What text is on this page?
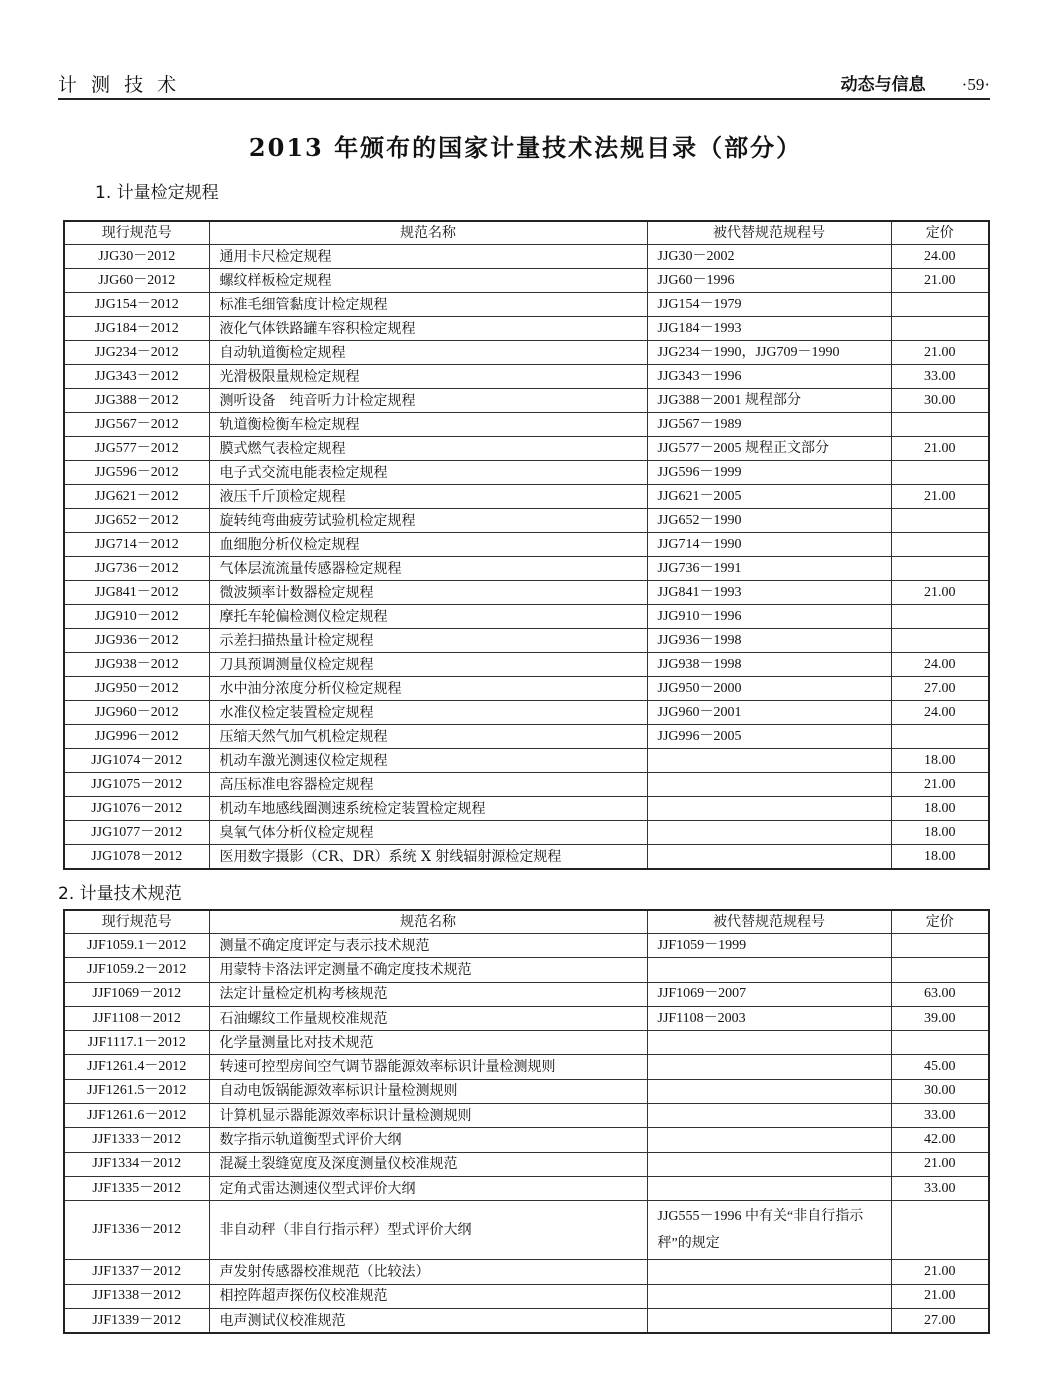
计 测 技 术	动态与信息 ·59·
2013 年颁布的国家计量技术法规目录（部分）
1. 计量检定规程
现行规范号	规范名称	被代替规范规程号	定价
JJG30－2012	通用卡尺检定规程	JJG30－2002	24.00
JJG60－2012	螺纹样板检定规程	JJG60－1996	21.00
JJG154－2012	标准毛细管黏度计检定规程	JJG154－1979	
JJG184－2012	液化气体铁路罐车容积检定规程	JJG184－1993	
JJG234－2012	自动轨道衡检定规程	JJG234－1990，JJG709－1990	21.00
JJG343－2012	光滑极限量规检定规程	JJG343－1996	33.00
JJG388－2012	测听设备　纯音听力计检定规程	JJG388－2001 规程部分	30.00
JJG567－2012	轨道衡检衡车检定规程	JJG567－1989	
JJG577－2012	膜式燃气表检定规程	JJG577－2005 规程正文部分	21.00
JJG596－2012	电子式交流电能表检定规程	JJG596－1999	
JJG621－2012	液压千斤顶检定规程	JJG621－2005	21.00
JJG652－2012	旋转纯弯曲疲劳试验机检定规程	JJG652－1990	
JJG714－2012	血细胞分析仪检定规程	JJG714－1990	
JJG736－2012	气体层流流量传感器检定规程	JJG736－1991	
JJG841－2012	微波频率计数器检定规程	JJG841－1993	21.00
JJG910－2012	摩托车轮偏检测仪检定规程	JJG910－1996	
JJG936－2012	示差扫描热量计检定规程	JJG936－1998	
JJG938－2012	刀具预调测量仪检定规程	JJG938－1998	24.00
JJG950－2012	水中油分浓度分析仪检定规程	JJG950－2000	27.00
JJG960－2012	水准仪检定装置检定规程	JJG960－2001	24.00
JJG996－2012	压缩天然气加气机检定规程	JJG996－2005	
JJG1074－2012	机动车激光测速仪检定规程		18.00
JJG1075－2012	高压标准电容器检定规程		21.00
JJG1076－2012	机动车地感线圈测速系统检定装置检定规程		18.00
JJG1077－2012	臭氧气体分析仪检定规程		18.00
JJG1078－2012	医用数字摄影（CR、DR）系统 X 射线辐射源检定规程		18.00
2. 计量技术规范
现行规范号	规范名称	被代替规范规程号	定价
JJF1059.1－2012	测量不确定度评定与表示技术规范	JJF1059－1999	
JJF1059.2－2012	用蒙特卡洛法评定测量不确定度技术规范		
JJF1069－2012	法定计量检定机构考核规范	JJF1069－2007	63.00
JJF1108－2012	石油螺纹工作量规校准规范	JJF1108－2003	39.00
JJF1117.1－2012	化学量测量比对技术规范		
JJF1261.4－2012	转速可控型房间空气调节器能源效率标识计量检测规则		45.00
JJF1261.5－2012	自动电饭锅能源效率标识计量检测规则		30.00
JJF1261.6－2012	计算机显示器能源效率标识计量检测规则		33.00
JJF1333－2012	数字指示轨道衡型式评价大纲		42.00
JJF1334－2012	混凝土裂缝宽度及深度测量仪校准规范		21.00
JJF1335－2012	定角式雷达测速仪型式评价大纲		33.00
JJF1336－2012	非自动秤（非自行指示秤）型式评价大纲	JJG555－1996 中有关“非自行指示秤”的规定	
JJF1337－2012	声发射传感器校准规范（比较法）		21.00
JJF1338－2012	相控阵超声探伤仪校准规范		21.00
JJF1339－2012	电声测试仪校准规范		27.00
